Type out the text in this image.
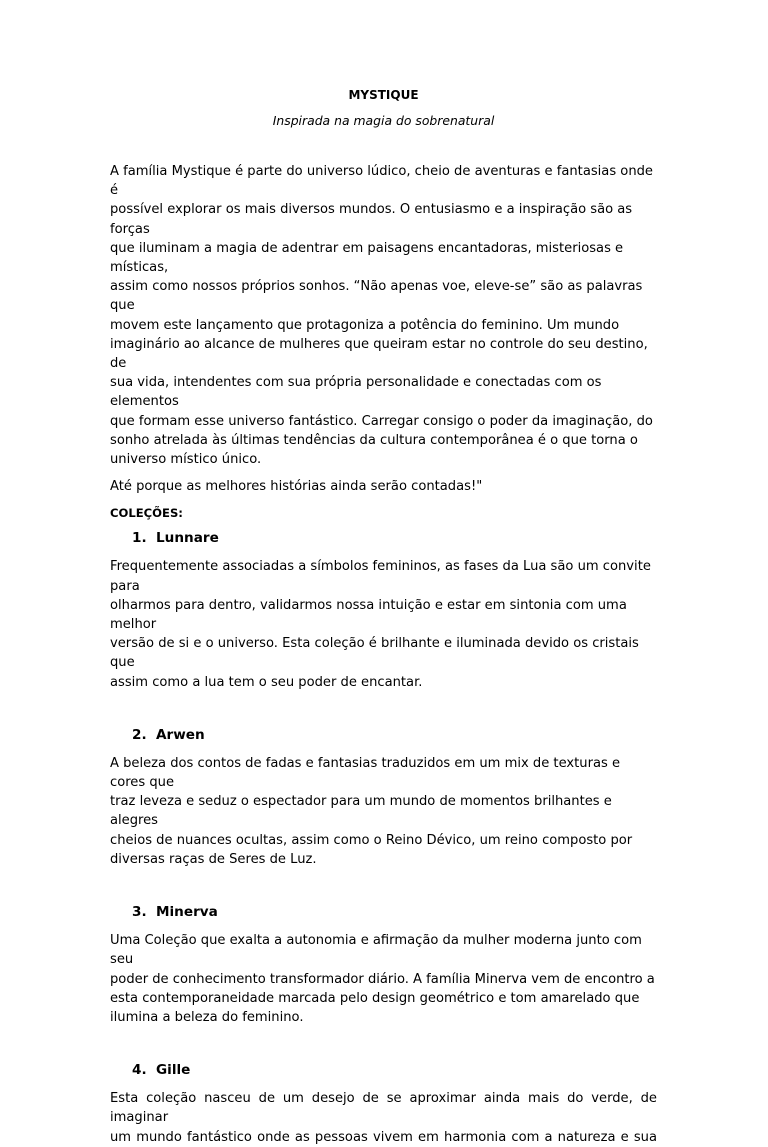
MYSTIQUE

Inspirada na magia do sobrenatural

A família Mystique é parte do universo lúdico, cheio de aventuras e fantasias onde é
possível explorar os mais diversos mundos. O entusiasmo e a inspiração são as forças
que iluminam a magia de adentrar em paisagens encantadoras, misteriosas e místicas,
assim como nossos próprios sonhos. “Não apenas voe, eleve-se” são as palavras que
movem este lançamento que protagoniza a potência do feminino. Um mundo
imaginário ao alcance de mulheres que queiram estar no controle do seu destino, de
sua vida, intendentes com sua própria personalidade e conectadas com os elementos
que formam esse universo fantástico. Carregar consigo o poder da imaginação, do
sonho atrelada às últimas tendências da cultura contemporânea é o que torna o
universo místico único.

Até porque as melhores histórias ainda serão contadas!"

COLEÇÕES:

1. Lunnare
Frequentemente associadas a símbolos femininos, as fases da Lua são um convite para
olharmos para dentro, validarmos nossa intuição e estar em sintonia com uma melhor
versão de si e o universo. Esta coleção é brilhante e iluminada devido os cristais que
assim como a lua tem o seu poder de encantar.
2. Arwen
A beleza dos contos de fadas e fantasias traduzidos em um mix de texturas e cores que
traz leveza e seduz o espectador para um mundo de momentos brilhantes e alegres
cheios de nuances ocultas, assim como o Reino Dévico, um reino composto por
diversas raças de Seres de Luz.
3. Minerva
Uma Coleção que exalta a autonomia e afirmação da mulher moderna junto com seu
poder de conhecimento transformador diário. A família Minerva vem de encontro a
esta contemporaneidade marcada pelo design geométrico e tom amarelado que
ilumina a beleza do feminino.
4. Gille
Esta coleção nasceu de um desejo de se aproximar ainda mais do verde, de imaginar
um mundo fantástico onde as pessoas vivem em harmonia com a natureza e sua
